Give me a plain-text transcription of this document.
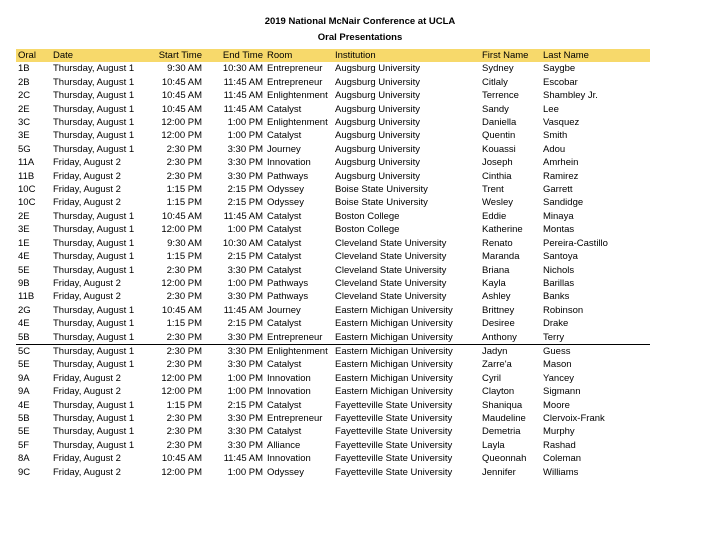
2019 National McNair Conference at UCLA
Oral Presentations
Oral	Date	Start Time	End Time	Room	Institution	First Name	Last Name
1B	Thursday, August 1	9:30 AM	10:30 AM	Entrepreneur	Augsburg University	Sydney	Saygbe
2B	Thursday, August 1	10:45 AM	11:45 AM	Entrepreneur	Augsburg University	Citlaly	Escobar
2C	Thursday, August 1	10:45 AM	11:45 AM	Enlightenment	Augsburg University	Terrence	Shambley Jr.
2E	Thursday, August 1	10:45 AM	11:45 AM	Catalyst	Augsburg University	Sandy	Lee
3C	Thursday, August 1	12:00 PM	1:00 PM	Enlightenment	Augsburg University	Daniella	Vasquez
3E	Thursday, August 1	12:00 PM	1:00 PM	Catalyst	Augsburg University	Quentin	Smith
5G	Thursday, August 1	2:30 PM	3:30 PM	Journey	Augsburg University	Kouassi	Adou
11A	Friday, August 2	2:30 PM	3:30 PM	Innovation	Augsburg University	Joseph	Amrhein
11B	Friday, August 2	2:30 PM	3:30 PM	Pathways	Augsburg University	Cinthia	Ramirez
10C	Friday, August 2	1:15 PM	2:15 PM	Odyssey	Boise State University	Trent	Garrett
10C	Friday, August 2	1:15 PM	2:15 PM	Odyssey	Boise State University	Wesley	Sandidge
2E	Thursday, August 1	10:45 AM	11:45 AM	Catalyst	Boston College	Eddie	Minaya
3E	Thursday, August 1	12:00 PM	1:00 PM	Catalyst	Boston College	Katherine	Montas
1E	Thursday, August 1	9:30 AM	10:30 AM	Catalyst	Cleveland State University	Renato	Pereira-Castillo
4E	Thursday, August 1	1:15 PM	2:15 PM	Catalyst	Cleveland State University	Maranda	Santoya
5E	Thursday, August 1	2:30 PM	3:30 PM	Catalyst	Cleveland State University	Briana	Nichols
9B	Friday, August 2	12:00 PM	1:00 PM	Pathways	Cleveland State University	Kayla	Barillas
11B	Friday, August 2	2:30 PM	3:30 PM	Pathways	Cleveland State University	Ashley	Banks
2G	Thursday, August 1	10:45 AM	11:45 AM	Journey	Eastern Michigan University	Brittney	Robinson
4E	Thursday, August 1	1:15 PM	2:15 PM	Catalyst	Eastern Michigan University	Desiree	Drake
5B	Thursday, August 1	2:30 PM	3:30 PM	Entrepreneur	Eastern Michigan University	Anthony	Terry
5C	Thursday, August 1	2:30 PM	3:30 PM	Enlightenment	Eastern Michigan University	Jadyn	Guess
5E	Thursday, August 1	2:30 PM	3:30 PM	Catalyst	Eastern Michigan University	Zarre'a	Mason
9A	Friday, August 2	12:00 PM	1:00 PM	Innovation	Eastern Michigan University	Cyril	Yancey
9A	Friday, August 2	12:00 PM	1:00 PM	Innovation	Eastern Michigan University	Clayton	Sigmann
4E	Thursday, August 1	1:15 PM	2:15 PM	Catalyst	Fayetteville State University	Shaniqua	Moore
5B	Thursday, August 1	2:30 PM	3:30 PM	Entrepreneur	Fayetteville State University	Maudeline	Clervoix-Frank
5E	Thursday, August 1	2:30 PM	3:30 PM	Catalyst	Fayetteville State University	Demetria	Murphy
5F	Thursday, August 1	2:30 PM	3:30 PM	Alliance	Fayetteville State University	Layla	Rashad
8A	Friday, August 2	10:45 AM	11:45 AM	Innovation	Fayetteville State University	Queonnah	Coleman
9C	Friday, August 2	12:00 PM	1:00 PM	Odyssey	Fayetteville State University	Jennifer	Williams
